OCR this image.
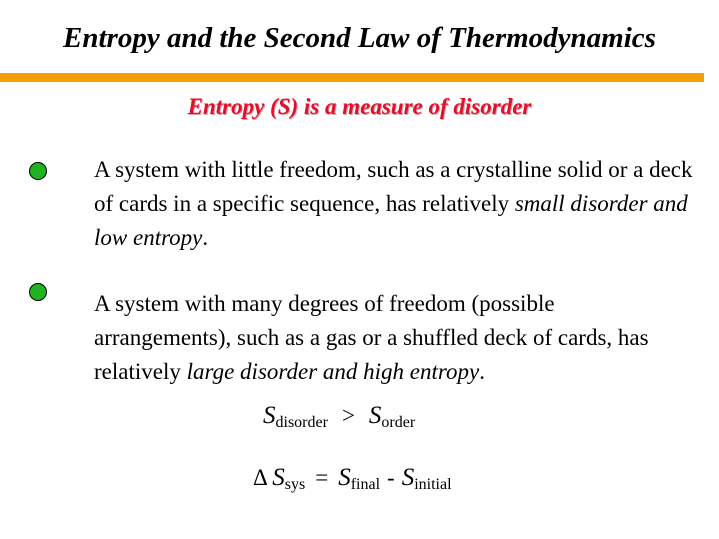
Entropy and the Second Law of Thermodynamics
Entropy (S) is a measure of disorder
A system with little freedom, such as a crystalline solid or a deck of cards in a specific sequence, has relatively small disorder and low entropy.
A system with many degrees of freedom (possible arrangements), such as a gas or a shuffled deck of cards, has relatively large disorder and high entropy.
Sdisorder > Sorder
Δ Ssys = Sfinal - Sinitial
